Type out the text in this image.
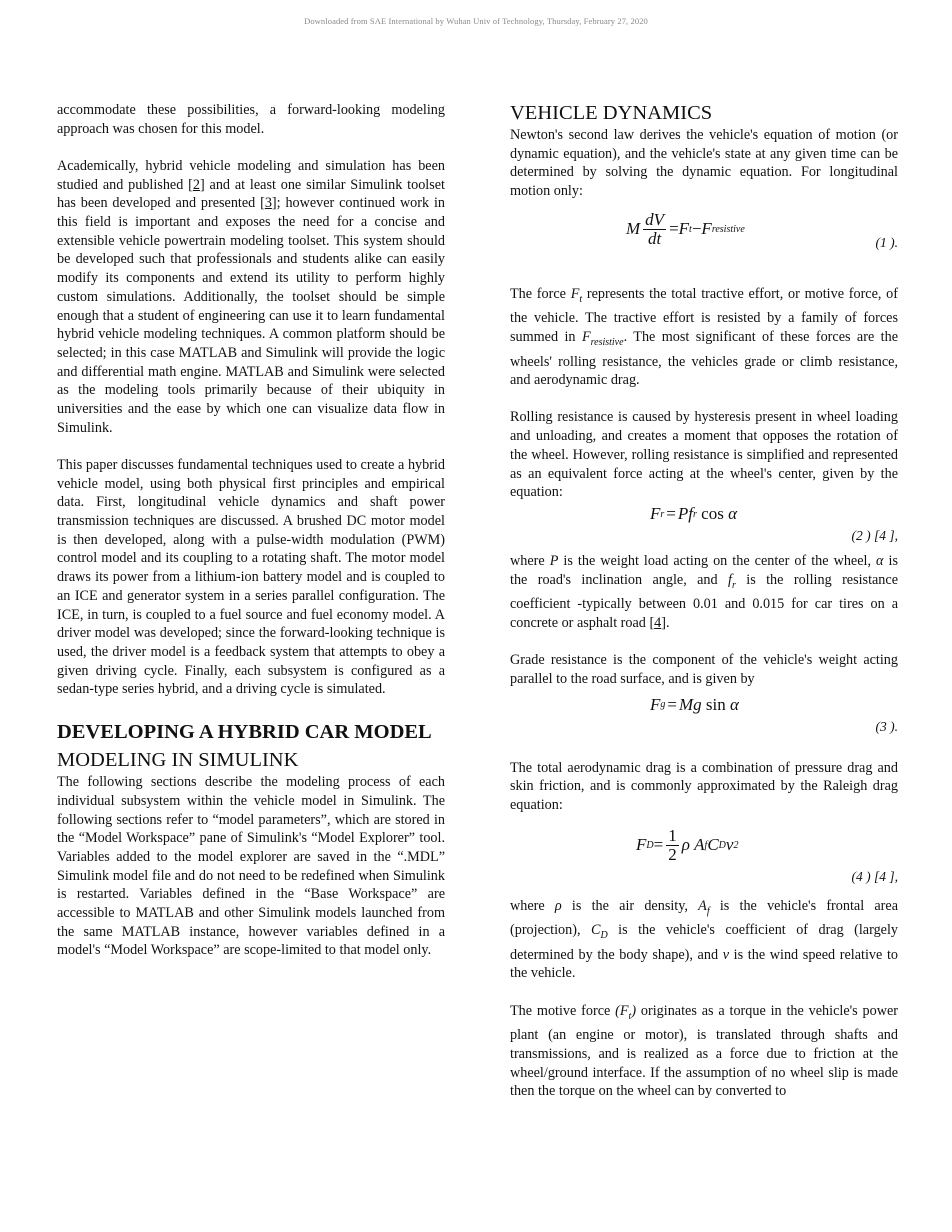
Downloaded from SAE International by Wuhan Univ of Technology, Thursday, February 27, 2020

accommodate these possibilities, a forward-looking modeling approach was chosen for this model.

Academically, hybrid vehicle modeling and simulation has been studied and published [2] and at least one similar Simulink toolset has been developed and presented [3]; however continued work in this field is important and exposes the need for a concise and extensible vehicle powertrain modeling toolset. This system should be developed such that professionals and students alike can easily modify its components and extend its utility to perform highly custom simulations. Additionally, the toolset should be simple enough that a student of engineering can use it to learn fundamental hybrid vehicle modeling techniques. A common platform should be selected; in this case MATLAB and Simulink will provide the logic and differential math engine. MATLAB and Simulink were selected as the modeling tools primarily because of their ubiquity in universities and the ease by which one can visualize data flow in Simulink.

This paper discusses fundamental techniques used to create a hybrid vehicle model, using both physical first principles and empirical data. First, longitudinal vehicle dynamics and shaft power transmission techniques are discussed. A brushed DC motor model is then developed, along with a pulse-width modulation (PWM) control model and its coupling to a rotating shaft. The motor model draws its power from a lithium-ion battery model and is coupled to an ICE and generator system in a series parallel configuration. The ICE, in turn, is coupled to a fuel source and fuel economy model. A driver model was developed; since the forward-looking technique is used, the driver model is a feedback system that attempts to obey a given driving cycle. Finally, each subsystem is configured as a sedan-type series hybrid, and a driving cycle is simulated.

DEVELOPING A HYBRID CAR MODEL
MODELING IN SIMULINK

The following sections describe the modeling process of each individual subsystem within the vehicle model in Simulink. The following sections refer to “model parameters”, which are stored in the “Model Workspace” pane of Simulink's “Model Explorer” tool. Variables added to the model explorer are saved in the “.MDL” Simulink model file and do not need to be redefined when Simulink is restarted. Variables defined in the “Base Workspace” are accessible to MATLAB and other Simulink models launched from the same MATLAB instance, however variables defined in a model's “Model Workspace” are scope-limited to that model only.

VEHICLE DYNAMICS

Newton's second law derives the vehicle's equation of motion (or dynamic equation), and the vehicle's state at any given time can be determined by solving the dynamic equation. For longitudinal motion only:

M $\frac{dV}{dt} = F$ t − F resistive
(1 ).

The force $F_t$ represents the total tractive effort, or motive force, of the vehicle. The tractive effort is resisted by a family of forces summed in $F_{resistive}$. The most significant of these forces are the wheels' rolling resistance, the vehicles grade or climb resistance, and aerodynamic drag.

Rolling resistance is caused by hysteresis present in wheel loading and unloading, and creates a moment that opposes the rotation of the wheel. However, rolling resistance is simplified and represented as an equivalent force acting at the wheel's center, given by the equation:

F r = Pf r cos α
(2 ) [4 ],

where P is the weight load acting on the center of the wheel, α is the road's inclination angle, and $f_r$ is the rolling resistance coefficient -typically between 0.01 and 0.015 for car tires on a concrete or asphalt road [4].

Grade resistance is the component of the vehicle's weight acting parallel to the road surface, and is given by

F g = Mg sin α
(3 ).

The total aerodynamic drag is a combination of pressure drag and skin friction, and is commonly approximated by the Raleigh drag equation:

F $D = \frac{1}{2}$ ρ
A f C D v 2
(4 ) [4 ],

where ρ is the air density, $A_f$ is the vehicle's frontal area (projection), $C_D$ is the vehicle's coefficient of drag (largely determined by the body shape), and v is the wind speed relative to the vehicle.

The motive force $(F_t)$ originates as a torque in the vehicle's power plant (an engine or motor), is translated through shafts and transmissions, and is realized as a force due to friction at the wheel/ground interface. If the assumption of no wheel slip is made then the torque on the wheel can by converted to
